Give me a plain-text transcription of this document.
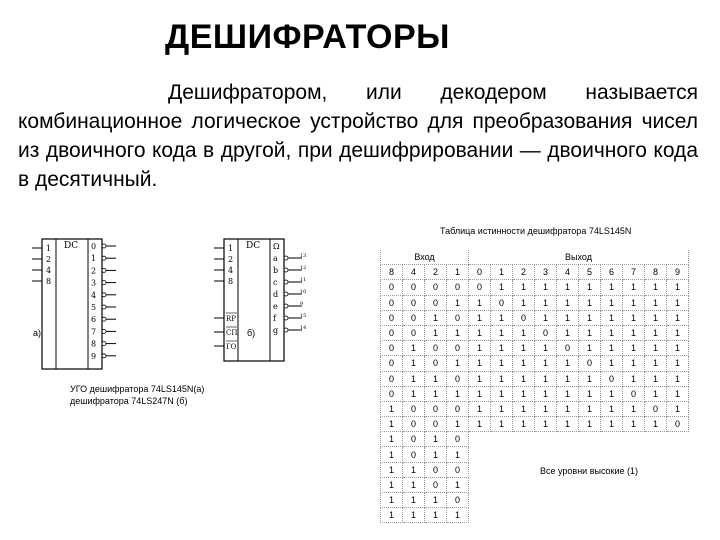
ДЕШИФРАТОРЫ
Дешифратором, или декодером называется комбинационное логическое устройство для преобразования чисел из двоичного кода в другой, при дешифрировании — двоичного кода в десятичный.
DC
1
2
4
8
0
1
2
3
4
5
6
7
8
9
a)
DC Ω
1
2
4
8
a	13
b	12
c	11
d	10
e	9
f	15
g	14
RP
СП
ГО
б)
УГО дешифратора 74LS145N(а)
дешифратора 74LS247N (б)
Таблица истинности дешифратора 74LS145N
Вход				Выход									
8	4	2	1	0	1	2	3	4	5	6	7	8	9
0	0	0	0	0	1	1	1	1	1	1	1	1	1
0	0	0	1	1	0	1	1	1	1	1	1	1	1
0	0	1	0	1	1	0	1	1	1	1	1	1	1
0	0	1	1	1	1	1	0	1	1	1	1	1	1
0	1	0	0	1	1	1	1	0	1	1	1	1	1
0	1	0	1	1	1	1	1	1	0	1	1	1	1
0	1	1	0	1	1	1	1	1	1	0	1	1	1
0	1	1	1	1	1	1	1	1	1	1	0	1	1
1	0	0	0	1	1	1	1	1	1	1	1	0	1
1	0	0	1	1	1	1	1	1	1	1	1	1	0
1	0	1	0										
1	0	1	1										
1	1	0	0										
1	1	0	1										
1	1	1	0										
1	1	1	1										
Все уровни высокие (1)
